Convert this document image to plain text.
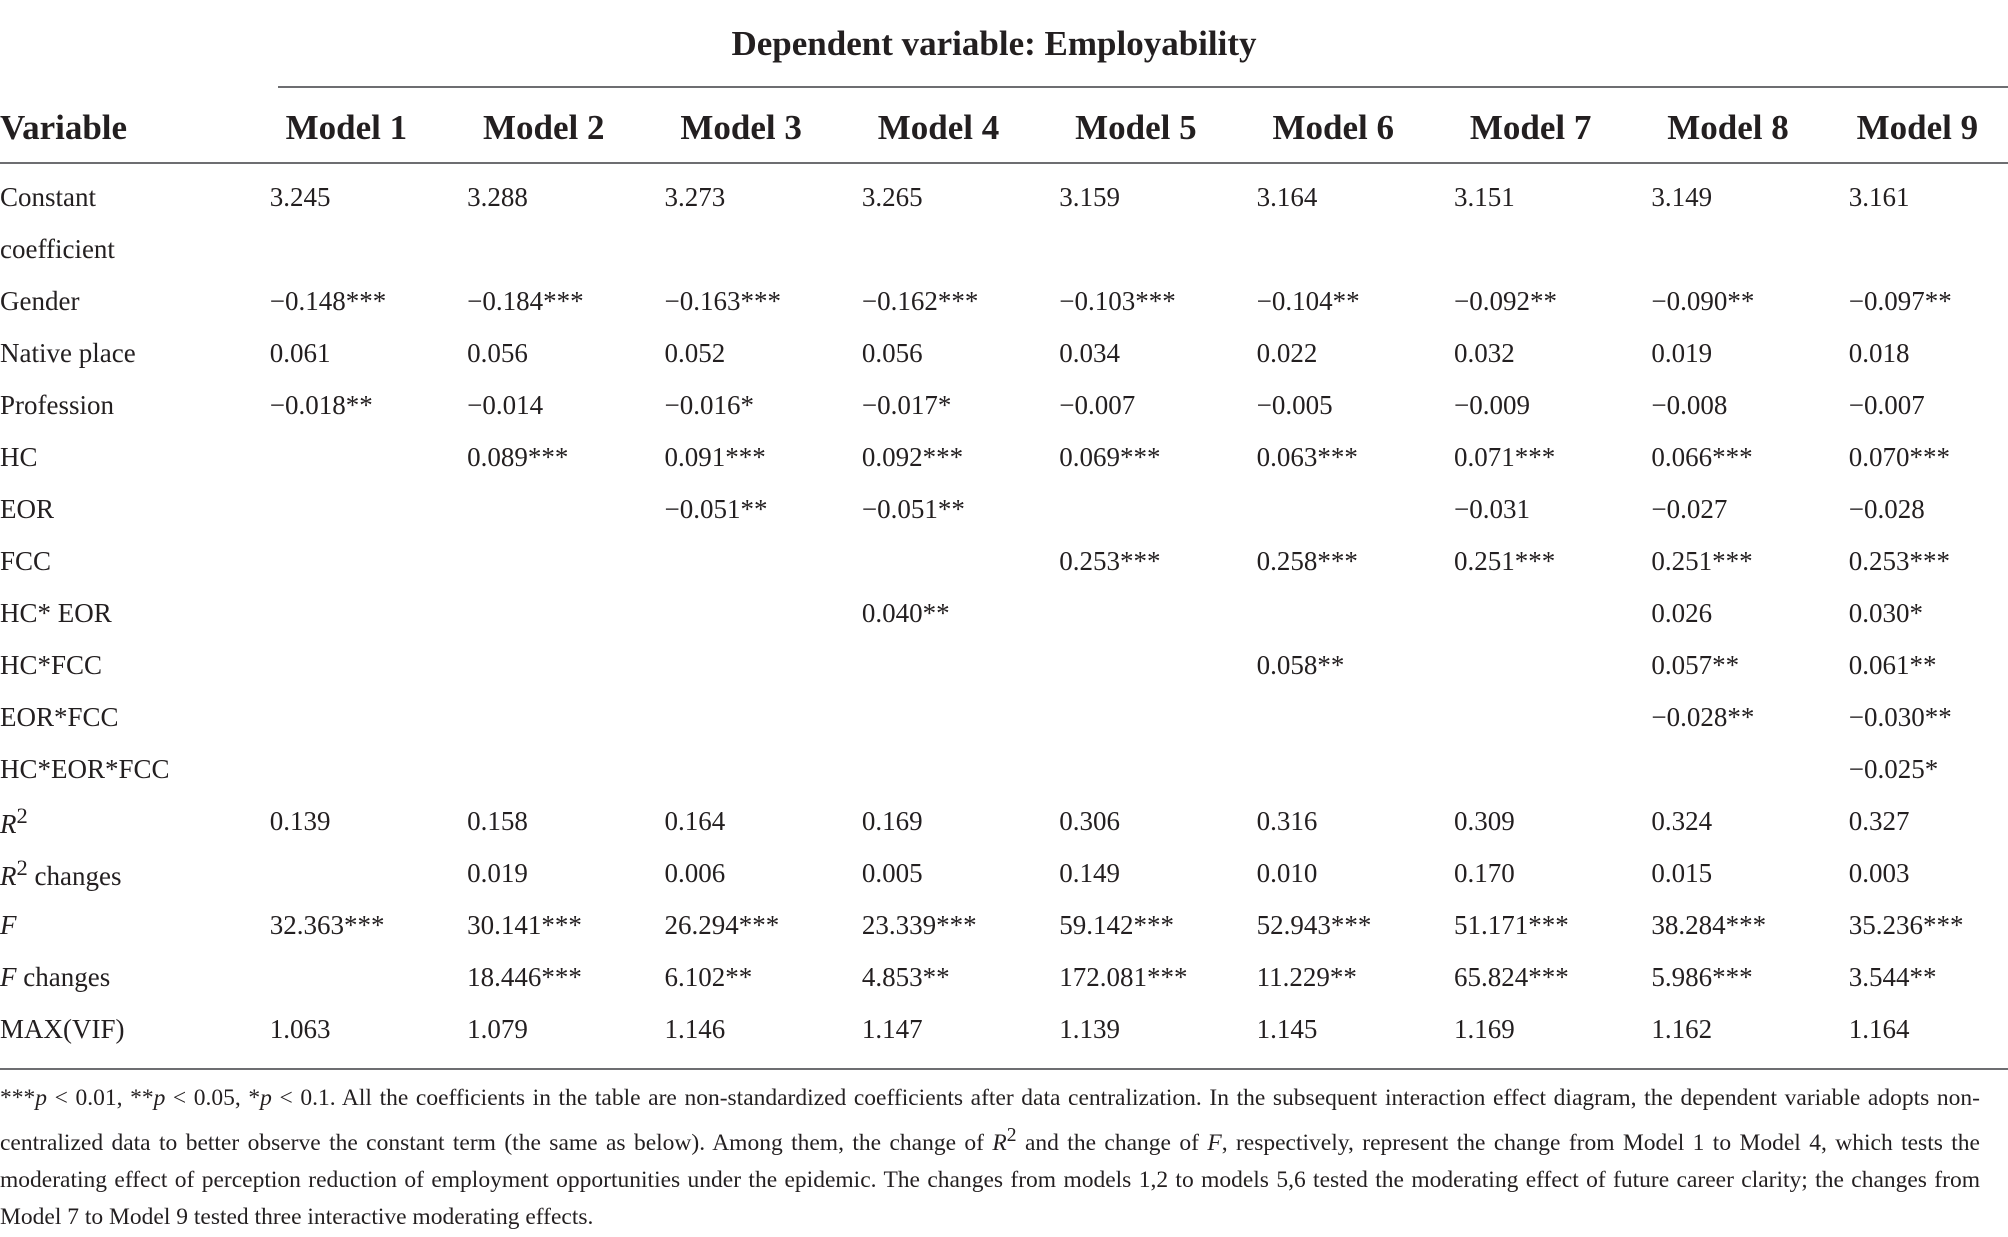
Dependent variable: Employability
Variable	Model 1	Model 2	Model 3	Model 4	Model 5	Model 6	Model 7	Model 8	Model 9
Constant	3.245	3.288	3.273	3.265	3.159	3.164	3.151	3.149	3.161
coefficient									
Gender	−0.148***	−0.184***	−0.163***	−0.162***	−0.103***	−0.104**	−0.092**	−0.090**	−0.097**
Native place	0.061	0.056	0.052	0.056	0.034	0.022	0.032	0.019	0.018
Profession	−0.018**	−0.014	−0.016*	−0.017*	−0.007	−0.005	−0.009	−0.008	−0.007
HC		0.089***	0.091***	0.092***	0.069***	0.063***	0.071***	0.066***	0.070***
EOR			−0.051**	−0.051**			−0.031	−0.027	−0.028
FCC					0.253***	0.258***	0.251***	0.251***	0.253***
HC* EOR				0.040**				0.026	0.030*
HC*FCC						0.058**		0.057**	0.061**
EOR*FCC								−0.028**	−0.030**
HC*EOR*FCC									−0.025*
$R^2$	0.139	0.158	0.164	0.169	0.306	0.316	0.309	0.324	0.327
$R^2$ changes		0.019	0.006	0.005	0.149	0.010	0.170	0.015	0.003
F	32.363***	30.141***	26.294***	23.339***	59.142***	52.943***	51.171***	38.284***	35.236***
F changes		18.446***	6.102**	4.853**	172.081***	11.229**	65.824***	5.986***	3.544**
MAX(VIF)	1.063	1.079	1.146	1.147	1.139	1.145	1.169	1.162	1.164
***p < 0.01, **p < 0.05, *p < 0.1. All the coefficients in the table are non-standardized coefficients after data centralization. In the subsequent interaction effect diagram, the dependent variable adopts non-centralized data to better observe the constant term (the same as below). Among them, the change of $R^2$ and the change of F, respectively, represent the change from Model 1 to Model 4, which tests the moderating effect of perception reduction of employment opportunities under the epidemic. The changes from models 1,2 to models 5,6 tested the moderating effect of future career clarity; the changes from Model 7 to Model 9 tested three interactive moderating effects.
